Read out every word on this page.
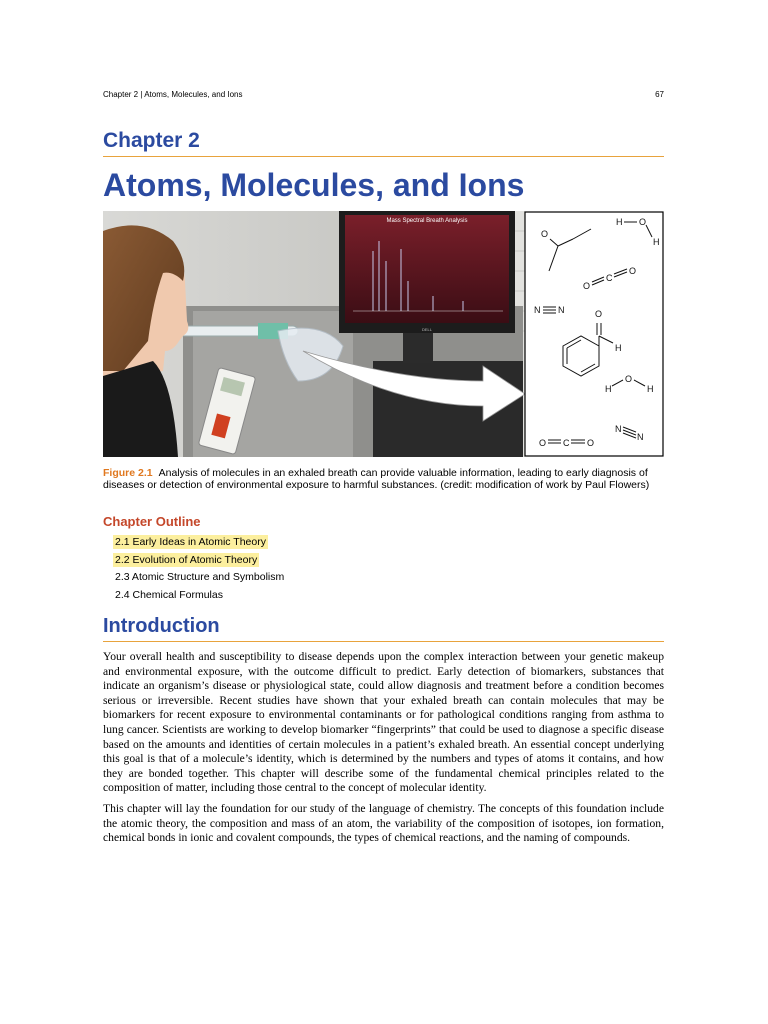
Chapter 2 | Atoms, Molecules, and Ions	67
Chapter 2
Atoms, Molecules, and Ions
Mass Spectral Breath Analysis
DELL
O
H O
H
O
C
O
N N	O
H
H
O
H
N
N
O C O
Figure 2.1 Analysis of molecules in an exhaled breath can provide valuable information, leading to early diagnosis of diseases or detection of environmental exposure to harmful substances. (credit: modification of work by Paul Flowers)
Chapter Outline
2.1 Early Ideas in Atomic Theory
2.2 Evolution of Atomic Theory
2.3 Atomic Structure and Symbolism
2.4 Chemical Formulas
Introduction

Your overall health and susceptibility to disease depends upon the complex interaction between your genetic makeup and environmental exposure, with the outcome difficult to predict. Early detection of biomarkers, substances that indicate an organism’s disease or physiological state, could allow diagnosis and treatment before a condition becomes serious or irreversible. Recent studies have shown that your exhaled breath can contain molecules that may be biomarkers for recent exposure to environmental contaminants or for pathological conditions ranging from asthma to lung cancer. Scientists are working to develop biomarker “fingerprints” that could be used to diagnose a specific disease based on the amounts and identities of certain molecules in a patient’s exhaled breath. An essential concept underlying this goal is that of a molecule’s identity, which is determined by the numbers and types of atoms it contains, and how they are bonded together. This chapter will describe some of the fundamental chemical principles related to the composition of matter, including those central to the concept of molecular identity.

This chapter will lay the foundation for our study of the language of chemistry. The concepts of this foundation include the atomic theory, the composition and mass of an atom, the variability of the composition of isotopes, ion formation, chemical bonds in ionic and covalent compounds, the types of chemical reactions, and the naming of compounds.
